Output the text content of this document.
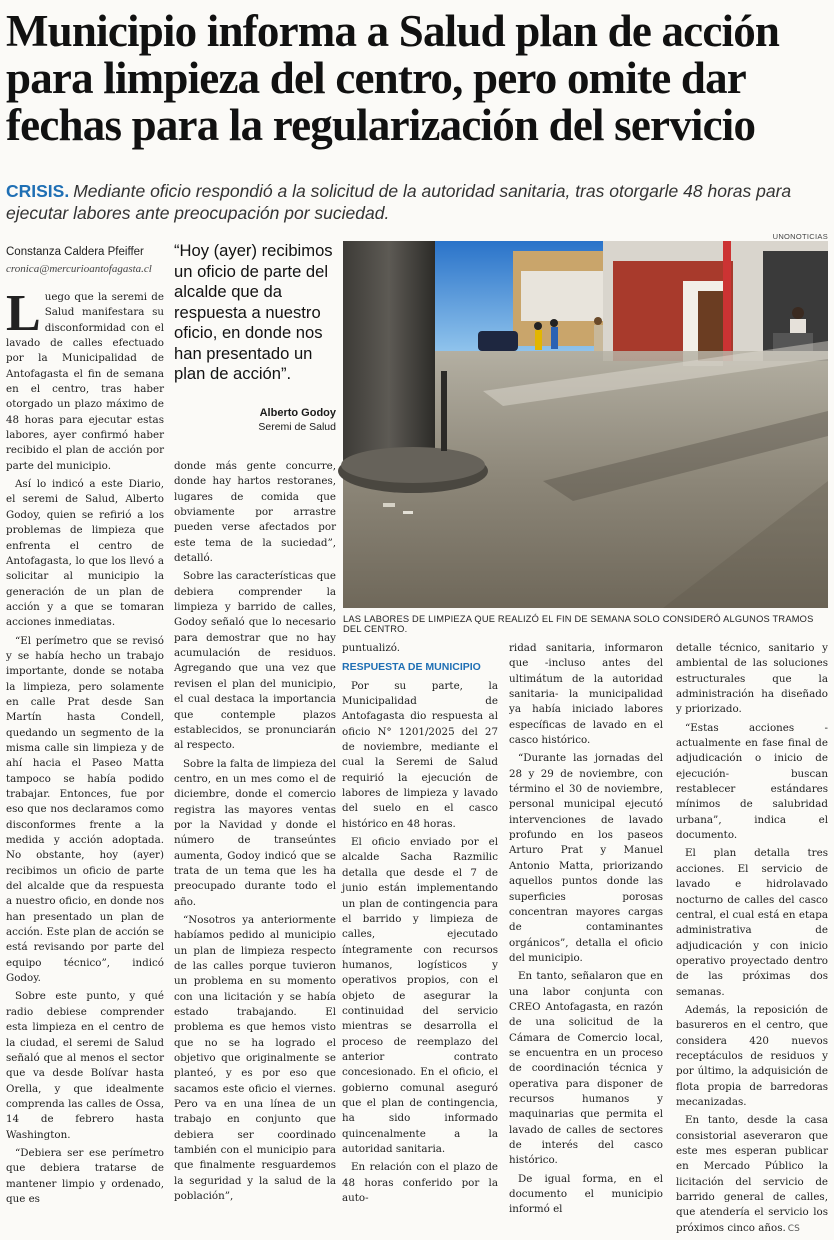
Municipio informa a Salud plan de acción para limpieza del centro, pero omite dar fechas para la regularización del servicio
CRISIS. Mediante oficio respondió a la solicitud de la autoridad sanitaria, tras otorgarle 48 horas para ejecutar labores ante preocupación por suciedad.
Constanza Caldera Pfeiffer
cronica@mercurioantofagasta.cl
“Hoy (ayer) recibimos un oficio de parte del alcalde que da respuesta a nuestro oficio, en donde nos han presentado un plan de acción”.
Alberto Godoy
Seremi de Salud
UNONOTICIAS
LAS LABORES DE LIMPIEZA QUE REALIZÓ EL FIN DE SEMANA SOLO CONSIDERÓ ALGUNOS TRAMOS DEL CENTRO.

Luego que la seremi de Salud manifestara su disconformidad con el lavado de calles efectuado por la Municipalidad de Antofagasta el fin de semana en el centro, tras haber otorgado un plazo máximo de 48 horas para ejecutar estas labores, ayer confirmó haber recibido el plan de acción por parte del municipio.

Así lo indicó a este Diario, el seremi de Salud, Alberto Godoy, quien se refirió a los problemas de limpieza que enfrenta el centro de Antofagasta, lo que los llevó a solicitar al municipio la generación de un plan de acción y a que se tomaran acciones inmediatas.

“El perímetro que se revisó y se había hecho un trabajo importante, donde se notaba la limpieza, pero solamente en calle Prat desde San Martín hasta Condell, quedando un segmento de la misma calle sin limpieza y de ahí hacia el Paseo Matta tampoco se había podido trabajar. Entonces, fue por eso que nos declaramos como disconformes frente a la medida y acción adoptada. No obstante, hoy (ayer) recibimos un oficio de parte del alcalde que da respuesta a nuestro oficio, en donde nos han presentado un plan de acción. Este plan de acción se está revisando por parte del equipo técnico”, indicó Godoy.

Sobre este punto, y qué radio debiese comprender esta limpieza en el centro de la ciudad, el seremi de Salud señaló que al menos el sector que va desde Bolívar hasta Orella, y que idealmente comprenda las calles de Ossa, 14 de febrero hasta Washington.

“Debiera ser ese perímetro que debiera tratarse de mantener limpio y ordenado, que es

donde más gente concurre, donde hay hartos restoranes, lugares de comida que obviamente por arrastre pueden verse afectados por este tema de la suciedad”, detalló.

Sobre las características que debiera comprender la limpieza y barrido de calles, Godoy señaló que lo necesario para demostrar que no hay acumulación de residuos. Agregando que una vez que revisen el plan del municipio, el cual destaca la importancia que contemple plazos establecidos, se pronunciarán al respecto.

Sobre la falta de limpieza del centro, en un mes como el de diciembre, donde el comercio registra las mayores ventas por la Navidad y donde el número de transeúntes aumenta, Godoy indicó que se trata de un tema que les ha preocupado durante todo el año.

“Nosotros ya anteriormente habíamos pedido al municipio un plan de limpieza respecto de las calles porque tuvieron un problema en su momento con una licitación y se había estado trabajando. El problema es que hemos visto que no se ha logrado el objetivo que originalmente se planteó, y es por eso que sacamos este oficio el viernes. Pero va en una línea de un trabajo en conjunto que debiera ser coordinado también con el municipio para que finalmente resguardemos la seguridad y la salud de la población”,

puntualizó.

RESPUESTA DE MUNICIPIO

Por su parte, la Municipalidad de Antofagasta dio respuesta al oficio N° 1201/2025 del 27 de noviembre, mediante el cual la Seremi de Salud requirió la ejecución de labores de limpieza y lavado del suelo en el casco histórico en 48 horas.

El oficio enviado por el alcalde Sacha Razmilic detalla que desde el 7 de junio están implementando un plan de contingencia para el barrido y limpieza de calles, ejecutado íntegramente con recursos humanos, logísticos y operativos propios, con el objeto de asegurar la continuidad del servicio mientras se desarrolla el proceso de reemplazo del anterior contrato concesionado. En el oficio, el gobierno comunal aseguró que el plan de contingencia, ha sido informado quincenalmente a la autoridad sanitaria.

En relación con el plazo de 48 horas conferido por la auto-

ridad sanitaria, informaron que -incluso antes del ultimátum de la autoridad sanitaria- la municipalidad ya había iniciado labores específicas de lavado en el casco histórico.

“Durante las jornadas del 28 y 29 de noviembre, con término el 30 de noviembre, personal municipal ejecutó intervenciones de lavado profundo en los paseos Arturo Prat y Manuel Antonio Matta, priorizando aquellos puntos donde las superficies porosas concentran mayores cargas de contaminantes orgánicos”, detalla el oficio del municipio.

En tanto, señalaron que en una labor conjunta con CREO Antofagasta, en razón de una solicitud de la Cámara de Comercio local, se encuentra en un proceso de coordinación técnica y operativa para disponer de recursos humanos y maquinarias que permita el lavado de calles de sectores de interés del casco histórico.

De igual forma, en el documento el municipio informó el

detalle técnico, sanitario y ambiental de las soluciones estructurales que la administración ha diseñado y priorizado.

“Estas acciones -actualmente en fase final de adjudicación o inicio de ejecución- buscan restablecer estándares mínimos de salubridad urbana”, indica el documento.

El plan detalla tres acciones. El servicio de lavado e hidrolavado nocturno de calles del casco central, el cual está en etapa administrativa de adjudicación y con inicio operativo proyectado dentro de las próximas dos semanas.

Además, la reposición de basureros en el centro, que considera 420 nuevos receptáculos de residuos y por último, la adquisición de flota propia de barredoras mecanizadas.

En tanto, desde la casa consistorial aseveraron que este mes esperan publicar en Mercado Público la licitación del servicio de barrido general de calles, que atendería el servicio los próximos cinco años. CS
